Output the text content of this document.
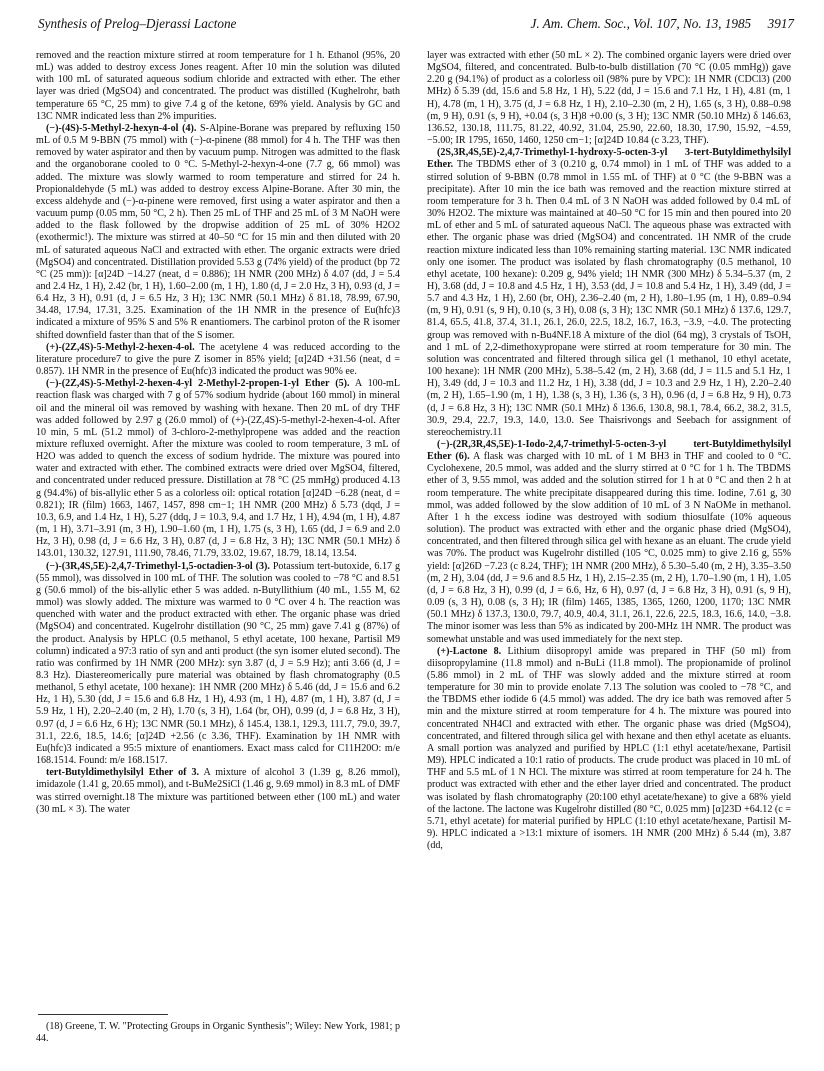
Synthesis of Prelog–Djerassi Lactone	J. Am. Chem. Soc., Vol. 107, No. 13, 1985 3917

removed and the reaction mixture stirred at room temperature for 1 h. Ethanol (95%, 20 mL) was added to destroy excess Jones reagent. After 10 min the solution was diluted with 100 mL of saturated aqueous sodium chloride and extracted with ether. The ether layer was dried (MgSO4) and concentrated. The product was distilled (Kughelrohr, bath temperature 65 °C, 25 mm) to give 7.4 g of the ketone, 69% yield. Analysis by GC and 13C NMR indicated less than 2% impurities.

(−)-(4S)-5-Methyl-2-hexyn-4-ol (4). S-Alpine-Borane was prepared by refluxing 150 mL of 0.5 M 9-BBN (75 mmol) with (−)-α-pinene (88 mmol) for 4 h. The THF was then removed by water aspirator and then by vacuum pump. Nitrogen was admitted to the flask and the organoborane cooled to 0 °C. 5-Methyl-2-hexyn-4-one (7.7 g, 66 mmol) was added. The mixture was slowly warmed to room temperature and stirred for 24 h. Propionaldehyde (5 mL) was added to destroy excess Alpine-Borane. After 30 min, the excess aldehyde and (−)-α-pinene were removed, first using a water aspirator and then a vacuum pump (0.05 mm, 50 °C, 2 h). Then 25 mL of THF and 25 mL of 3 M NaOH were added to the flask followed by the dropwise addition of 25 mL of 30% H2O2 (exothermic!). The mixture was stirred at 40–50 °C for 15 min and then diluted with 20 mL of saturated aqueous NaCl and extracted with ether. The organic extracts were dried (MgSO4) and concentrated. Distillation provided 5.53 g (74% yield) of the product (bp 72 °C (25 mm)): [α]24D −14.27 (neat, d = 0.886); 1H NMR (200 MHz) δ 4.07 (dd, J = 5.4 and 2.4 Hz, 1 H), 2.42 (br, 1 H), 1.60–2.00 (m, 1 H), 1.80 (d, J = 2.0 Hz, 3 H), 0.93 (d, J = 6.4 Hz, 3 H), 0.91 (d, J = 6.5 Hz, 3 H); 13C NMR (50.1 MHz) δ 81.18, 78.99, 67.90, 34.48, 17.94, 17.31, 3.25. Examination of the 1H NMR in the presence of Eu(hfc)3 indicated a mixture of 95% S and 5% R enantiomers. The carbinol proton of the R isomer shifted downfield faster than that of the S isomer.

(+)-(2Z,4S)-5-Methyl-2-hexen-4-ol. The acetylene 4 was reduced according to the literature procedure7 to give the pure Z isomer in 85% yield; [α]24D +31.56 (neat, d = 0.857). 1H NMR in the presence of Eu(hfc)3 indicated the product was 90% ee.

(−)-(2Z,4S)-5-Methyl-2-hexen-4-yl 2-Methyl-2-propen-1-yl Ether (5). A 100-mL reaction flask was charged with 7 g of 57% sodium hydride (about 160 mmol) in mineral oil and the mineral oil was removed by washing with hexane. Then 20 mL of dry THF was added followed by 2.97 g (26.0 mmol) of (+)-(2Z,4S)-5-methyl-2-hexen-4-ol. After 10 min, 5 mL (51.2 mmol) of 3-chloro-2-methylpropene was added and the reaction mixture refluxed overnight. After the mixture was cooled to room temperature, 3 mL of H2O was added to quench the excess of sodium hydride. The mixture was poured into water and extracted with ether. The combined extracts were dried over MgSO4, filtered, and concentrated under reduced pressure. Distillation at 78 °C (25 mmHg) produced 4.13 g (94.4%) of bis-allylic ether 5 as a colorless oil: optical rotation [α]24D −6.28 (neat, d = 0.821); IR (film) 1663, 1467, 1457, 898 cm−1; 1H NMR (200 MHz) δ 5.73 (dqd, J = 10.3, 6.9, and 1.4 Hz, 1 H), 5.27 (ddq, J = 10.3, 9.4, and 1.7 Hz, 1 H), 4.94 (m, 1 H), 4.87 (m, 1 H), 3.71–3.91 (m, 3 H), 1.90–1.60 (m, 1 H), 1.75 (s, 3 H), 1.65 (dd, J = 6.9 and 2.0 Hz, 3 H), 0.98 (d, J = 6.6 Hz, 3 H), 0.87 (d, J = 6.8 Hz, 3 H); 13C NMR (50.1 MHz) δ 143.01, 130.32, 127.91, 111.90, 78.46, 71.79, 33.02, 19.67, 18.79, 18.14, 13.54.

(−)-(3R,4S,5E)-2,4,7-Trimethyl-1,5-octadien-3-ol (3). Potassium tert-butoxide, 6.17 g (55 mmol), was dissolved in 100 mL of THF. The solution was cooled to −78 °C and 8.51 g (50.6 mmol) of the bis-allylic ether 5 was added. n-Butyllithium (40 mL, 1.55 M, 62 mmol) was slowly added. The mixture was warmed to 0 °C over 4 h. The reaction was quenched with water and the product extracted with ether. The organic phase was dried (MgSO4) and concentrated. Kugelrohr distillation (90 °C, 25 mm) gave 7.41 g (87%) of the product. Analysis by HPLC (0.5 methanol, 5 ethyl acetate, 100 hexane, Partisil M9 column) indicated a 97:3 ratio of syn and anti product (the syn isomer eluted second). The ratio was confirmed by 1H NMR (200 MHz): syn 3.87 (d, J = 5.9 Hz); anti 3.66 (d, J = 8.3 Hz). Diastereomerically pure material was obtained by flash chromatography (0.5 methanol, 5 ethyl acetate, 100 hexane): 1H NMR (200 MHz) δ 5.46 (dd, J = 15.6 and 6.2 Hz, 1 H), 5.30 (dd, J = 15.6 and 6.8 Hz, 1 H), 4.93 (m, 1 H), 4.87 (m, 1 H), 3.87 (d, J = 5.9 Hz, 1 H), 2.20–2.40 (m, 2 H), 1.70 (s, 3 H), 1.64 (br, OH), 0.99 (d, J = 6.8 Hz, 3 H), 0.97 (d, J = 6.6 Hz, 6 H); 13C NMR (50.1 MHz), δ 145.4, 138.1, 129.3, 111.7, 79.0, 39.7, 31.1, 22.6, 18.5, 14.6; [α]24D +2.56 (c 3.36, THF). Examination by 1H NMR with Eu(hfc)3 indicated a 95:5 mixture of enantiomers. Exact mass calcd for C11H20O: m/e 168.1514. Found: m/e 168.1517.

tert-Butyldimethylsilyl Ether of 3. A mixture of alcohol 3 (1.39 g, 8.26 mmol), imidazole (1.41 g, 20.65 mmol), and t-BuMe2SiCl (1.46 g, 9.69 mmol) in 8.3 mL of DMF was stirred overnight.18 The mixture was partitioned between ether (100 mL) and water (30 mL × 3). The water

layer was extracted with ether (50 mL × 2). The combined organic layers were dried over MgSO4, filtered, and concentrated. Bulb-to-bulb distillation (70 °C (0.05 mmHg)) gave 2.20 g (94.1%) of product as a colorless oil (98% pure by VPC): 1H NMR (CDCl3) (200 MHz) δ 5.39 (dd, 15.6 and 5.8 Hz, 1 H), 5.22 (dd, J = 15.6 and 7.1 Hz, 1 H), 4.81 (m, 1 H), 4.78 (m, 1 H), 3.75 (d, J = 6.8 Hz, 1 H), 2.10–2.30 (m, 2 H), 1.65 (s, 3 H), 0.88–0.98 (m, 9 H), 0.91 (s, 9 H), +0.04 (s, 3 H)8 +0.00 (s, 3 H); 13C NMR (50.10 MHz) δ 146.63, 136.52, 130.18, 111.75, 81.22, 40.92, 31.04, 25.90, 22.60, 18.30, 17.90, 15.92, −4.59, −5.00; IR 1795, 1650, 1460, 1250 cm−1; [α]24D 10.84 (c 3.23, THF).

(2S,3R,4S,5E)-2,4,7-Trimethyl-1-hydroxy-5-octen-3-yl 3-tert-Butyldimethylsilyl Ether. The TBDMS ether of 3 (0.210 g, 0.74 mmol) in 1 mL of THF was added to a stirred solution of 9-BBN (0.78 mmol in 1.55 mL of THF) at 0 °C (the 9-BBN was a precipitate). After 10 min the ice bath was removed and the reaction mixture stirred at room temperature for 3 h. Then 0.4 mL of 3 N NaOH was added followed by 0.4 mL of 30% H2O2. The mixture was maintained at 40–50 °C for 15 min and then poured into 20 mL of ether and 5 mL of saturated aqueous NaCl. The aqueous phase was extracted with ether. The organic phase was dried (MgSO4) and concentrated. 1H NMR of the crude reaction mixture indicated less than 10% remaining starting material. 13C NMR indicated only one isomer. The product was isolated by flash chromatography (0.5 methanol, 10 ethyl acetate, 100 hexane): 0.209 g, 94% yield; 1H NMR (300 MHz) δ 5.34–5.37 (m, 2 H), 3.68 (dd, J = 10.8 and 4.5 Hz, 1 H), 3.53 (dd, J = 10.8 and 5.4 Hz, 1 H), 3.49 (dd, J = 5.7 and 4.3 Hz, 1 H), 2.60 (br, OH), 2.36–2.40 (m, 2 H), 1.80–1.95 (m, 1 H), 0.89–0.94 (m, 9 H), 0.91 (s, 9 H), 0.10 (s, 3 H), 0.08 (s, 3 H); 13C NMR (50.1 MHz) δ 137.6, 129.7, 81.4, 65.5, 41.8, 37.4, 31.1, 26.1, 26.0, 22.5, 18.2, 16.7, 16.3, −3.9, −4.0. The protecting group was removed with n-Bu4NF.18 A mixture of the diol (64 mg), 3 crystals of TsOH, and 1 mL of 2,2-dimethoxypropane were stirred at room temperature for 30 min. The solution was concentrated and filtered through silica gel (1 methanol, 10 ethyl acetate, 100 hexane): 1H NMR (200 MHz), 5.38–5.42 (m, 2 H), 3.68 (dd, J = 11.5 and 5.1 Hz, 1 H), 3.49 (dd, J = 10.3 and 11.2 Hz, 1 H), 3.38 (dd, J = 10.3 and 2.9 Hz, 1 H), 2.20–2.40 (m, 2 H), 1.65–1.90 (m, 1 H), 1.38 (s, 3 H), 1.36 (s, 3 H), 0.96 (d, J = 6.8 Hz, 9 H), 0.73 (d, J = 6.8 Hz, 3 H); 13C NMR (50.1 MHz) δ 136.6, 130.8, 98.1, 78.4, 66.2, 38.2, 31.5, 30.9, 29.4, 22.7, 19.3, 14.0, 13.0. See Thaisrivongs and Seebach for assignment of stereochemistry.11

(−)-(2R,3R,4S,5E)-1-Iodo-2,4,7-trimethyl-5-octen-3-yl tert-Butyldimethylsilyl Ether (6). A flask was charged with 10 mL of 1 M BH3 in THF and cooled to 0 °C. Cyclohexene, 20.5 mmol, was added and the slurry stirred at 0 °C for 1 h. The TBDMS ether of 3, 9.55 mmol, was added and the solution stirred for 1 h at 0 °C and then 2 h at room temperature. The white precipitate disappeared during this time. Iodine, 7.61 g, 30 mmol, was added followed by the slow addition of 10 mL of 3 N NaOMe in methanol. After 1 h the excess iodine was destroyed with sodium thiosulfate (10% aqueous solution). The product was extracted with ether and the organic phase dried (MgSO4), concentrated, and then filtered through silica gel with hexane as an eluant. The crude yield was 70%. The product was Kugelrohr distilled (105 °C, 0.025 mm) to give 2.16 g, 55% yield: [α]26D −7.23 (c 8.24, THF); 1H NMR (200 MHz), δ 5.30–5.40 (m, 2 H), 3.35–3.50 (m, 2 H), 3.04 (dd, J = 9.6 and 8.5 Hz, 1 H), 2.15–2.35 (m, 2 H), 1.70–1.90 (m, 1 H), 1.05 (d, J = 6.8 Hz, 3 H), 0.99 (d, J = 6.6, Hz, 6 H), 0.97 (d, J = 6.8 Hz, 3 H), 0.91 (s, 9 H), 0.09 (s, 3 H), 0.08 (s, 3 H); IR (film) 1465, 1385, 1365, 1260, 1200, 1170; 13C NMR (50.1 MHz) δ 137.3, 130.0, 79.7, 40.9, 40.4, 31.1, 26.1, 22.6, 22.5, 18.3, 16.6, 14.0, −3.8. The minor isomer was less than 5% as indicated by 200-MHz 1H NMR. The product was somewhat unstable and was used immediately for the next step.

(+)-Lactone 8. Lithium diisopropyl amide was prepared in THF (50 ml) from diisopropylamine (11.8 mmol) and n-BuLi (11.8 mmol). The propionamide of prolinol (5.86 mmol) in 2 mL of THF was slowly added and the mixture stirred at room temperature for 30 min to provide enolate 7.13 The solution was cooled to −78 °C, and the TBDMS ether iodide 6 (4.5 mmol) was added. The dry ice bath was removed after 5 min and the mixture stirred at room temperature for 4 h. The mixture was poured into concentrated NH4Cl and extracted with ether. The organic phase was dried (MgSO4), concentrated, and filtered through silica gel with hexane and then ethyl acetate as eluants. A small portion was analyzed and purified by HPLC (1:1 ethyl acetate/hexane, Partisil M9). HPLC indicated a 10:1 ratio of products. The crude product was placed in 10 mL of THF and 5.5 mL of 1 N HCl. The mixture was stirred at room temperature for 24 h. The product was extracted with ether and the ether layer dried and concentrated. The product was isolated by flash chromatography (20:100 ethyl acetate/hexane) to give a 68% yield of the lactone. The lactone was Kugelrohr distilled (80 °C, 0.025 mm) [α]23D +64.12 (c = 5.71, ethyl acetate) for material purified by HPLC (1:10 ethyl acetate/hexane, Partisil M-9). HPLC indicated a >13:1 mixture of isomers. 1H NMR (200 MHz) δ 5.44 (m), 3.87 (dd,

(18) Greene, T. W. "Protecting Groups in Organic Synthesis"; Wiley: New York, 1981; p 44.
